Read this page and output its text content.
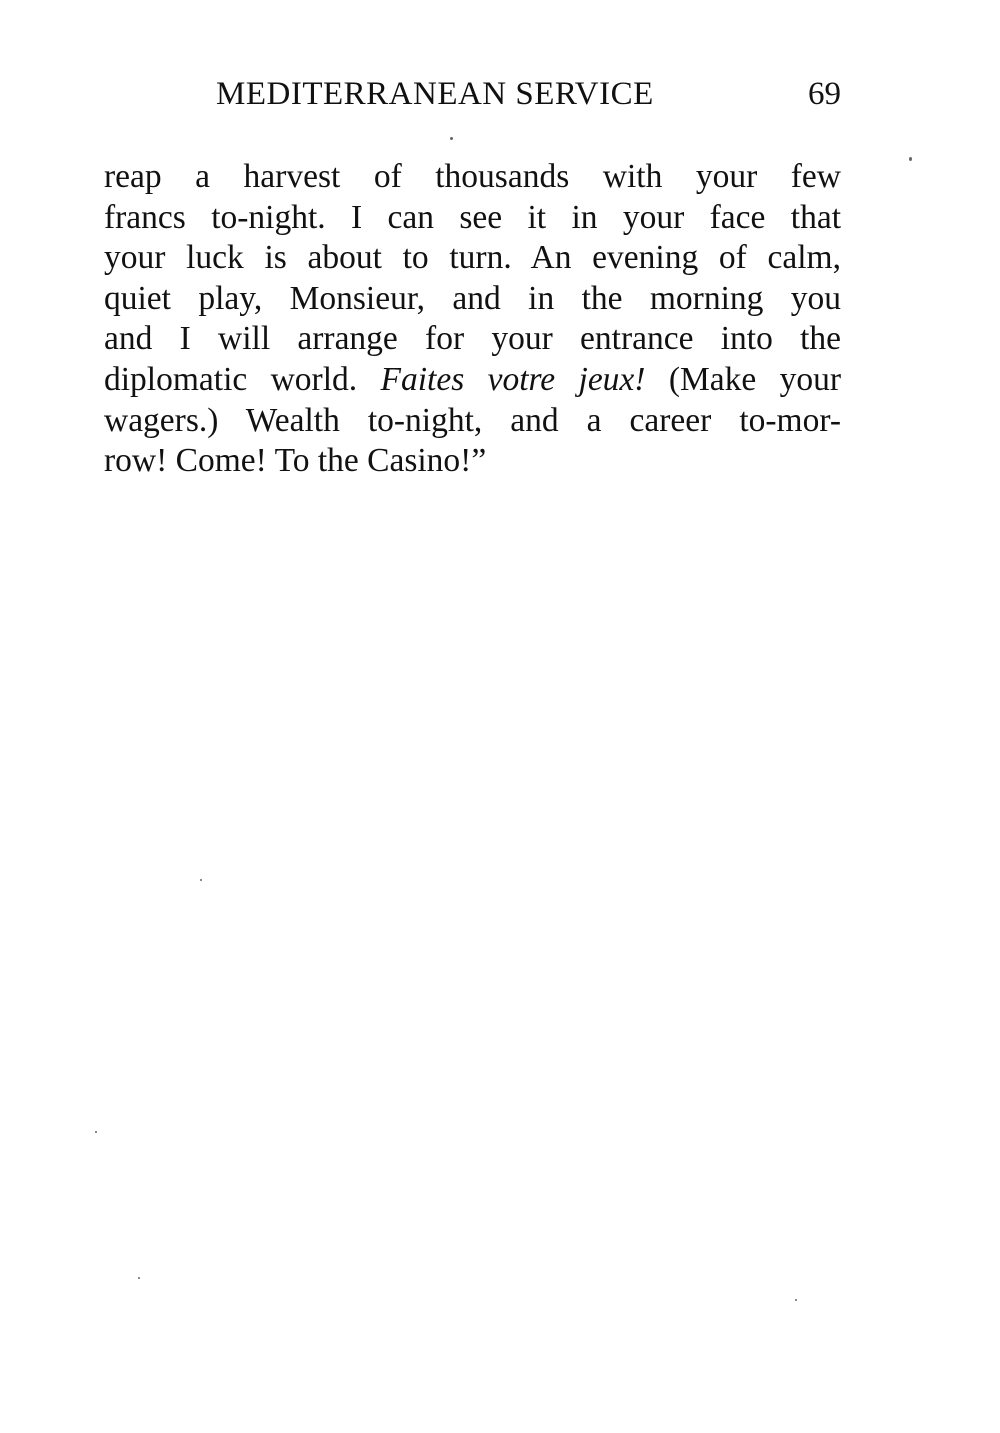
MEDITERRANEAN SERVICE	69
reap a harvest of thousands with your few
francs to-night. I can see it in your face that
your luck is about to turn. An evening of calm,
quiet play, Monsieur, and in the morning you
and I will arrange for your entrance into the
diplomatic world. Faites votre jeux! (Make your
wagers.) Wealth to-night, and a career to-mor-
row! Come! To the Casino!”
